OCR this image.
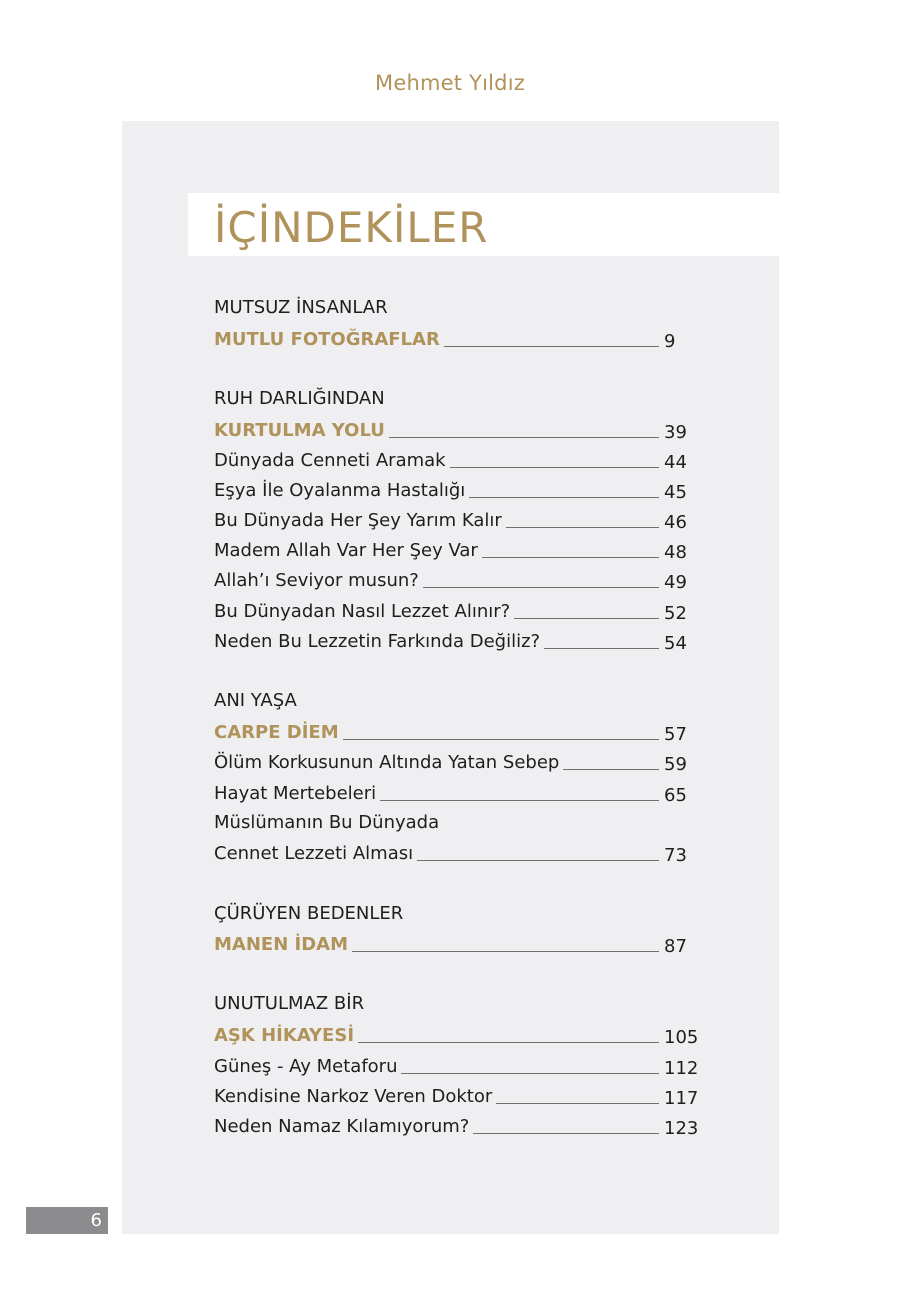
Mehmet Yıldız
İÇİNDEKİLER
MUTSUZ İNSANLAR
MUTLU FOTOĞRAFLAR	9
RUH DARLIĞINDAN
KURTULMA YOLU	39
Dünyada Cenneti Aramak	44
Eşya İle Oyalanma Hastalığı	45
Bu Dünyada Her Şey Yarım Kalır	46
Madem Allah Var Her Şey Var	48
Allah’ı Seviyor musun?	49
Bu Dünyadan Nasıl Lezzet Alınır?	52
Neden Bu Lezzetin Farkında Değiliz?	54
ANI YAŞA
CARPE DİEM	57
Ölüm Korkusunun Altında Yatan Sebep	59
Hayat Mertebeleri	65
Müslümanın Bu Dünyada
Cennet Lezzeti Alması	73
ÇÜRÜYEN BEDENLER
MANEN İDAM	87
UNUTULMAZ BİR
AŞK HİKAYESİ	105
Güneş - Ay Metaforu	112
Kendisine Narkoz Veren Doktor	117
Neden Namaz Kılamıyorum?	123
6
